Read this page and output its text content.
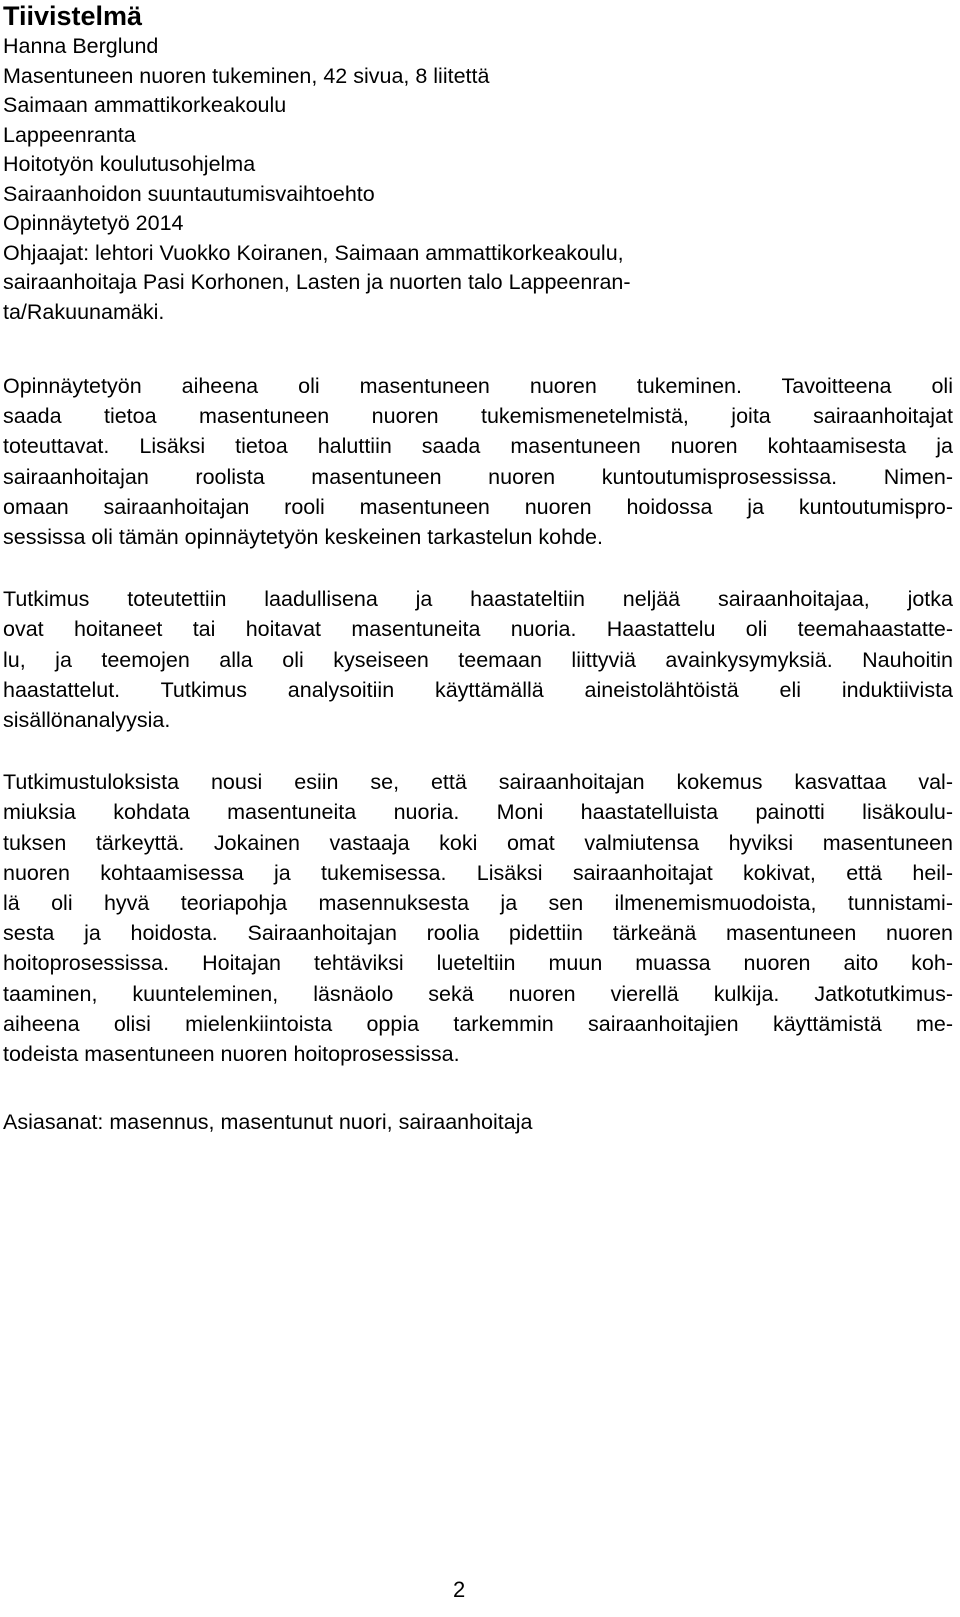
Tiivistelmä

Hanna Berglund

Masentuneen nuoren tukeminen, 42 sivua, 8 liitettä

Saimaan ammattikorkeakoulu

Lappeenranta

Hoitotyön koulutusohjelma

Sairaanhoidon suuntautumisvaihtoehto

Opinnäytetyö 2014

Ohjaajat: lehtori Vuokko Koiranen, Saimaan ammattikorkeakoulu,

sairaanhoitaja Pasi Korhonen, Lasten ja nuorten talo Lappeenran-

ta/Rakuunamäki.

Opinnäytetyön aiheena oli masentuneen nuoren tukeminen. Tavoitteena oli
saada tietoa masentuneen nuoren tukemismenetelmistä, joita sairaanhoitajat
toteuttavat. Lisäksi tietoa haluttiin saada masentuneen nuoren kohtaamisesta ja
sairaanhoitajan roolista masentuneen nuoren kuntoutumisprosessissa. Nimen-
omaan sairaanhoitajan rooli masentuneen nuoren hoidossa ja kuntoutumispro-
sessissa oli tämän opinnäytetyön keskeinen tarkastelun kohde.

Tutkimus toteutettiin laadullisena ja haastateltiin neljää sairaanhoitajaa, jotka
ovat hoitaneet tai hoitavat masentuneita nuoria. Haastattelu oli teemahaastatte-
lu, ja teemojen alla oli kyseiseen teemaan liittyviä avainkysymyksiä. Nauhoitin
haastattelut. Tutkimus analysoitiin käyttämällä aineistolähtöistä eli induktiivista
sisällönanalyysia.

Tutkimustuloksista nousi esiin se, että sairaanhoitajan kokemus kasvattaa val-
miuksia kohdata masentuneita nuoria. Moni haastatelluista painotti lisäkoulu-
tuksen tärkeyttä. Jokainen vastaaja koki omat valmiutensa hyviksi masentuneen
nuoren kohtaamisessa ja tukemisessa. Lisäksi sairaanhoitajat kokivat, että heil-
lä oli hyvä teoriapohja masennuksesta ja sen ilmenemismuodoista, tunnistami-
sesta ja hoidosta. Sairaanhoitajan roolia pidettiin tärkeänä masentuneen nuoren
hoitoprosessissa. Hoitajan tehtäviksi lueteltiin muun muassa nuoren aito koh-
taaminen, kuunteleminen, läsnäolo sekä nuoren vierellä kulkija. Jatkotutkimus-
aiheena olisi mielenkiintoista oppia tarkemmin sairaanhoitajien käyttämistä me-
todeista masentuneen nuoren hoitoprosessissa.

Asiasanat: masennus, masentunut nuori, sairaanhoitaja

2
